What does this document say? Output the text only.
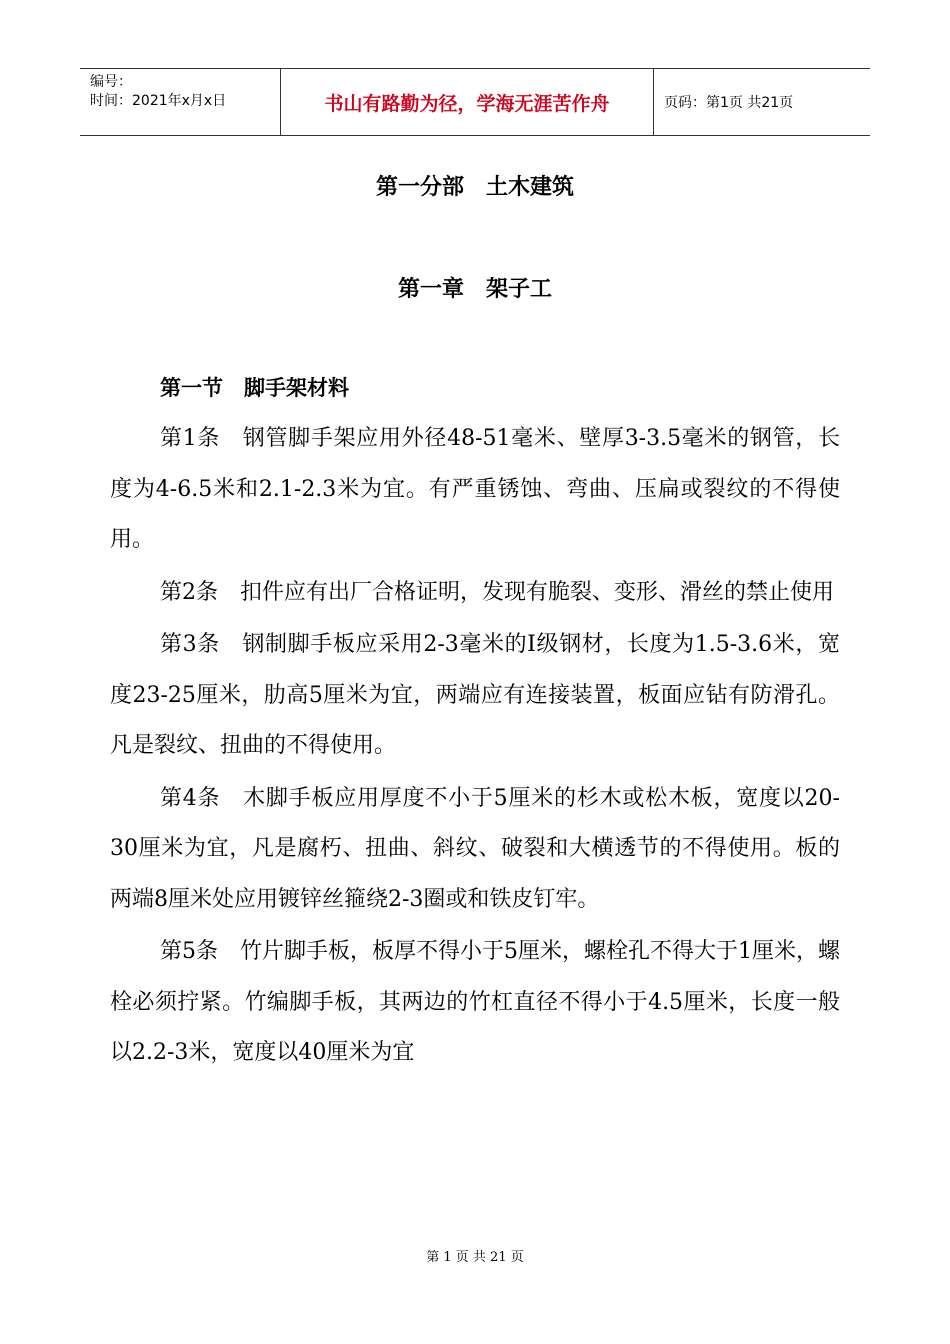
编号：
时间：2021年x月x日	书山有路勤为径，学海无涯苦作舟	页码：第1页 共21页
第一分部　土木建筑
第一章　架子工
第一节　脚手架材料

第1条　钢管脚手架应用外径48-51毫米、壁厚3-3.5毫米的钢管，长度为4-6.5米和2.1-2.3米为宜。有严重锈蚀、弯曲、压扁或裂纹的不得使用。

第2条　扣件应有出厂合格证明，发现有脆裂、变形、滑丝的禁止使用

第3条　钢制脚手板应采用2-3毫米的I级钢材，长度为1.5-3.6米，宽度23-25厘米，肋高5厘米为宜，两端应有连接装置，板面应钻有防滑孔。凡是裂纹、扭曲的不得使用。

第4条　木脚手板应用厚度不小于5厘米的杉木或松木板，宽度以20-30厘米为宜，凡是腐朽、扭曲、斜纹、破裂和大横透节的不得使用。板的两端8厘米处应用镀锌丝箍绕2-3圈或和铁皮钉牢。

第5条　竹片脚手板，板厚不得小于5厘米，螺栓孔不得大于1厘米，螺栓必须拧紧。竹编脚手板，其两边的竹杠直径不得小于4.5厘米，长度一般以2.2-3米，宽度以40厘米为宜

第 1 页 共 21 页
